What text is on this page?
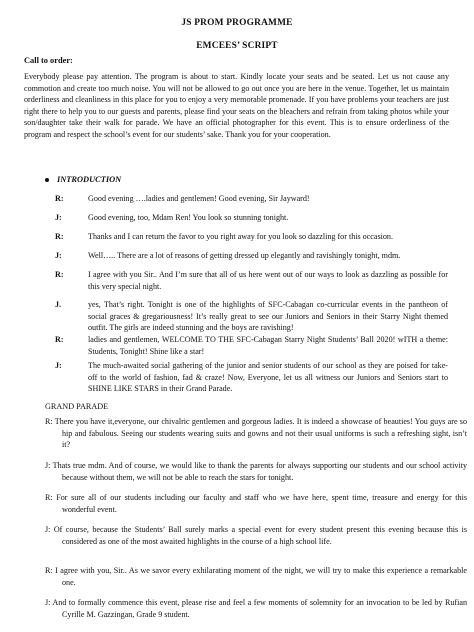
JS PROM PROGRAMME
EMCEES’ SCRIPT
Call to order:
Everybody please pay attention. The program is about to start. Kindly locate your seats and be seated. Let us not cause any commotion and create too much noise. You will not be allowed to go out once you are here in the venue. Together, let us maintain orderliness and cleanliness in this place for you to enjoy a very memorable promenade. If you have problems your teachers are just right there to help you to our guests and parents, please find your seats on the bleachers and refrain from taking photos while your son/daughter take their walk for parade. We have an official photographer for this event. This is to ensure orderliness of the program and respect the school’s event for our students’ sake. Thank you for your cooperation.
INTRODUCTION
R:	Good evening ….ladies and gentlemen! Good evening, Sir Jayward!
J:	Good evening, too, Mdam Ren! You look so stunning tonight.
R:	Thanks and I can return the favor to you right away for you look so dazzling for this occasion.
J:	Well….. There are a lot of reasons of getting dressed up elegantly and ravishingly tonight, mdm.
R:	I agree with you Sir.. And I’m sure that all of us here went out of our ways to look as dazzling as possible for this very special night.
J.	yes, That’s right. Tonight is one of the highlights of SFC-Cabagan co-curricular events in the pantheon of social graces & gregariousness! It’s really great to see our Juniors and Seniors in their Starry Night themed outfit. The girls are indeed stunning and the boys are ravishing!
R:	ladies and gentlemen, WELCOME TO THE SFC-Cabagan Starry Night Students’ Ball 2020! wITH a theme: Students, Tonight! Shine like a star!
J:	The much-awaited social gathering of the junior and senior students of our school as they are poised for take-off to the world of fashion, fad & craze! Now, Everyone, let us all witness our Juniors and Seniors start to SHINE LIKE STARS in their Grand Parade.
GRAND PARADE
R: There you have it,everyone, our chivalric gentlemen and gorgeous ladies. It is indeed a showcase of beauties! You guys are so hip and fabulous. Seeing our students wearing suits and gowns and not their usual uniforms is such a refreshing sight, isn’t it?
J: Thats true mdm. And of course, we would like to thank the parents for always supporting our students and our school activity because without them, we will not be able to reach the stars for tonight.
R: For sure all of our students including our faculty and staff who we have here, spent time, treasure and energy for this wonderful event.
J: Of course, because the Students’ Ball surely marks a special event for every student present this evening because this is considered as one of the most awaited highlights in the course of a high school life.
R: I agree with you, Sir.. As we savor every exhilarating moment of the night, we will try to make this experience a remarkable one.
J: And to formally commence this event, please rise and feel a few moments of solemnity for an invocation to be led by Rufian Cyrille M. Gazzingan, Grade 9 student.
